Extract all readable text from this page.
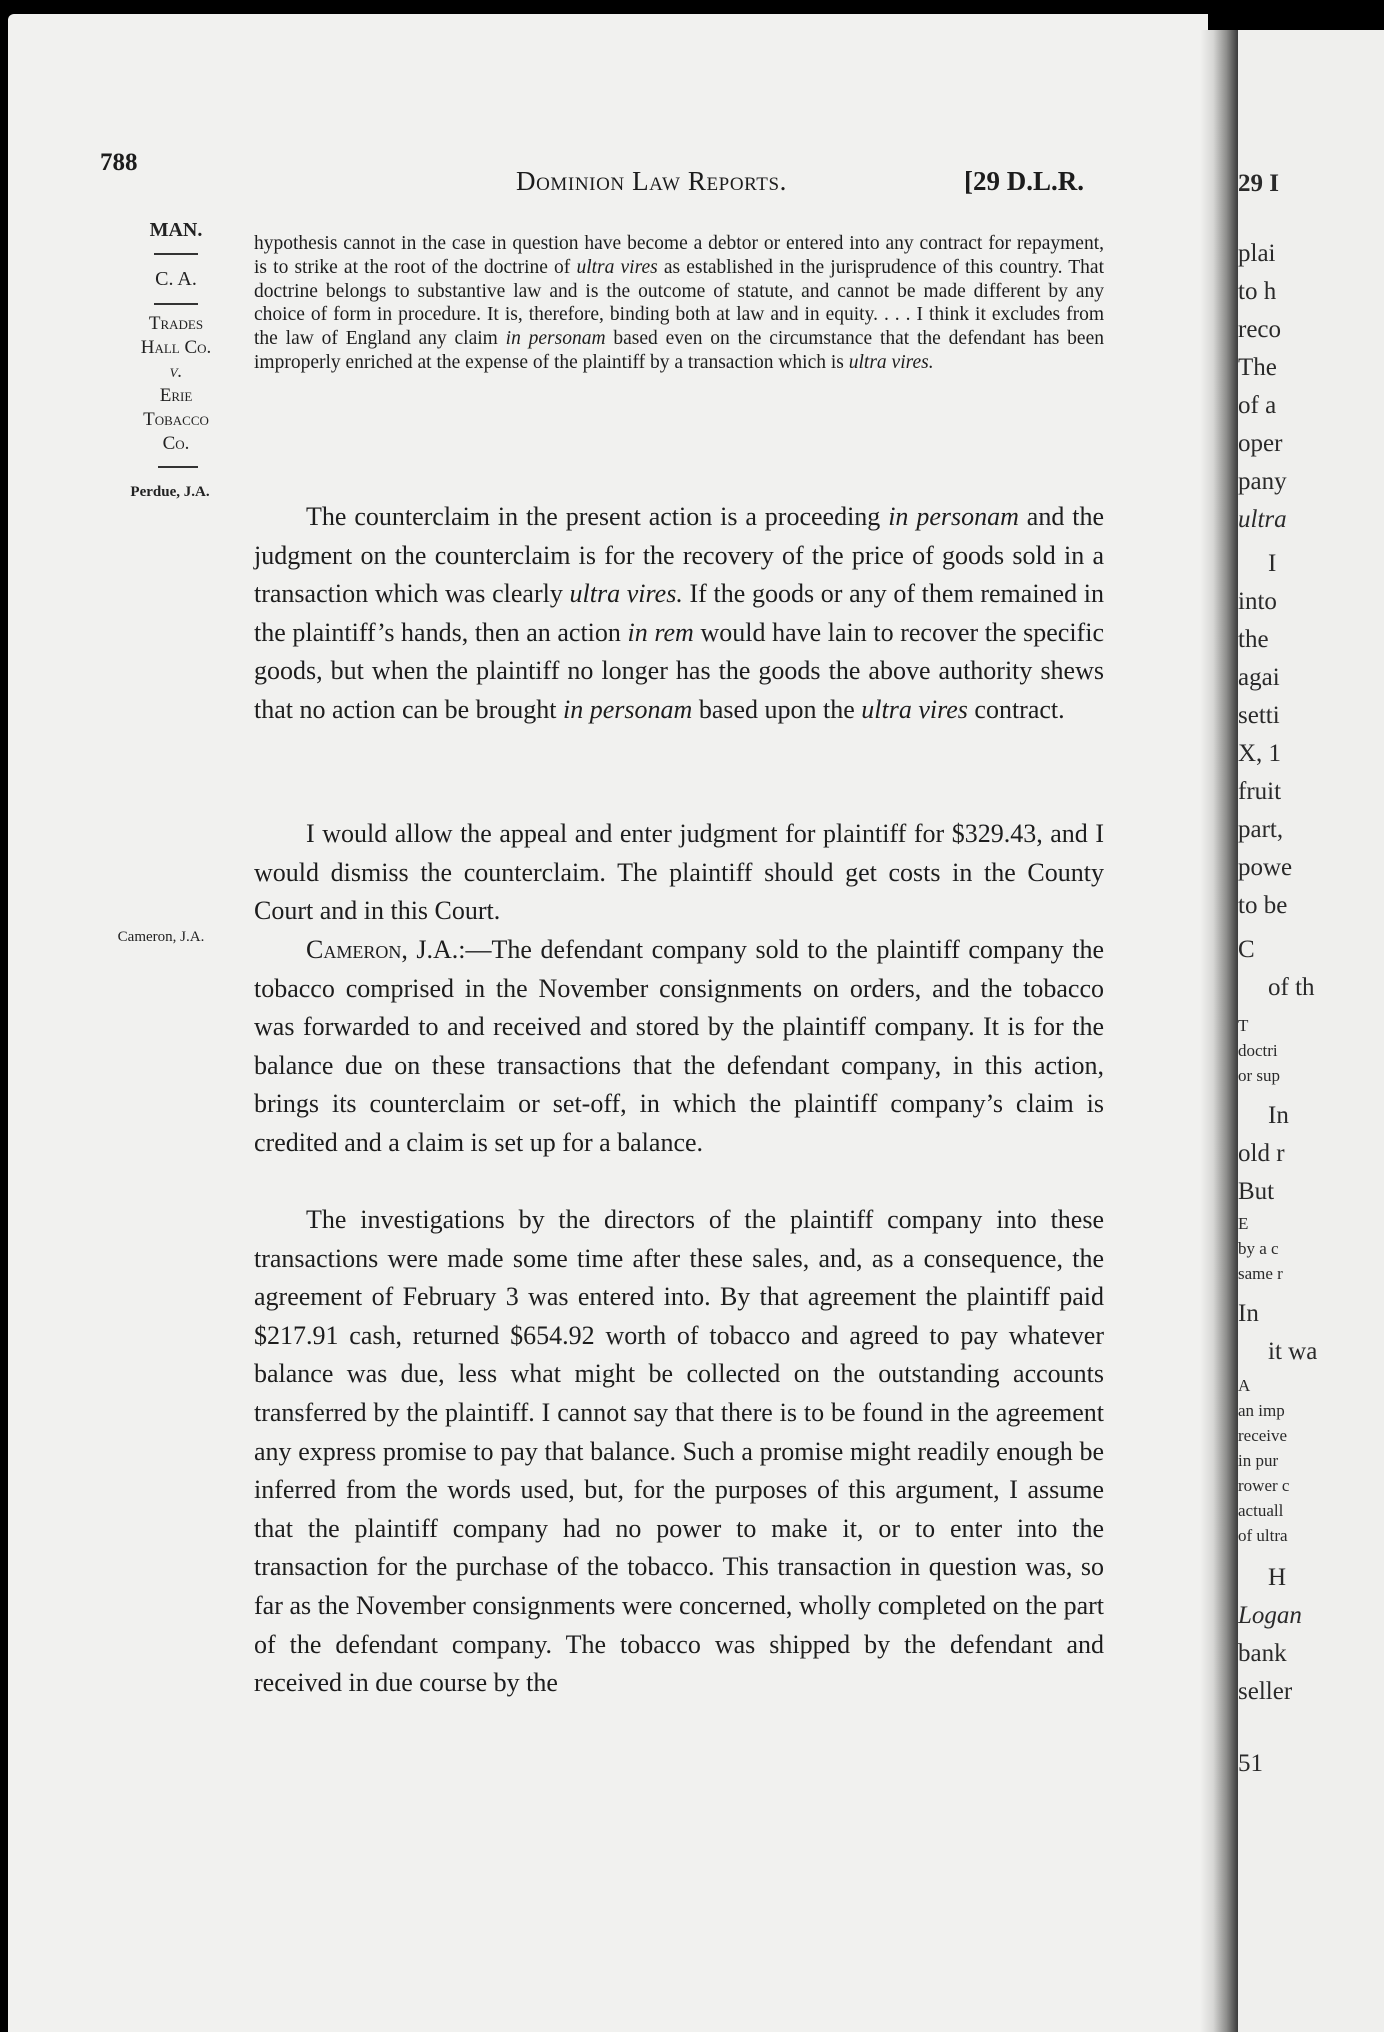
788
Dominion Law Reports.	[29 D.L.R.
MAN.
C. A.
Trades
Hall Co.
v.
Erie
Tobacco
Co.
Perdue, J.A.
Cameron, J.A.
hypothesis cannot in the case in question have become a debtor or entered into any contract for repayment, is to strike at the root of the doctrine of ultra vires as established in the jurisprudence of this country. That doctrine belongs to substantive law and is the outcome of statute, and cannot be made different by any choice of form in procedure. It is, therefore, binding both at law and in equity. . . . I think it excludes from the law of England any claim in personam based even on the circumstance that the defendant has been improperly enriched at the expense of the plaintiff by a transaction which is ultra vires.

The counterclaim in the present action is a proceeding in personam and the judgment on the counterclaim is for the recovery of the price of goods sold in a transaction which was clearly ultra vires. If the goods or any of them remained in the plaintiff’s hands, then an action in rem would have lain to recover the specific goods, but when the plaintiff no longer has the goods the above authority shews that no action can be brought in personam based upon the ultra vires contract.

I would allow the appeal and enter judgment for plaintiff for $329.43, and I would dismiss the counterclaim. The plaintiff should get costs in the County Court and in this Court.

Cameron, J.A.:—The defendant company sold to the plaintiff company the tobacco comprised in the November consignments on orders, and the tobacco was forwarded to and received and stored by the plaintiff company. It is for the balance due on these transactions that the defendant company, in this action, brings its counterclaim or set-off, in which the plaintiff company’s claim is credited and a claim is set up for a balance.

The investigations by the directors of the plaintiff company into these transactions were made some time after these sales, and, as a consequence, the agreement of February 3 was entered into. By that agreement the plaintiff paid $217.91 cash, returned $654.92 worth of tobacco and agreed to pay whatever balance was due, less what might be collected on the outstanding accounts transferred by the plaintiff. I cannot say that there is to be found in the agreement any express promise to pay that balance. Such a promise might readily enough be inferred from the words used, but, for the purposes of this argument, I assume that the plaintiff company had no power to make it, or to enter into the transaction for the purchase of the tobacco. This transaction in question was, so far as the November consignments were concerned, wholly completed on the part of the defendant company. The tobacco was shipped by the defendant and received in due course by the

29 I
plai
to h
reco
The
of a
oper
pany
ultra
I
into
the
agai
setti
X, 1
fruit
part,
powe
to be
C
of th
T
doctri
or sup
In
old r
But
E
by a c
same r
In
it wa
A
an imp
receive
in pur
rower c
actuall
of ultra
H
Logan
bank
seller
51
